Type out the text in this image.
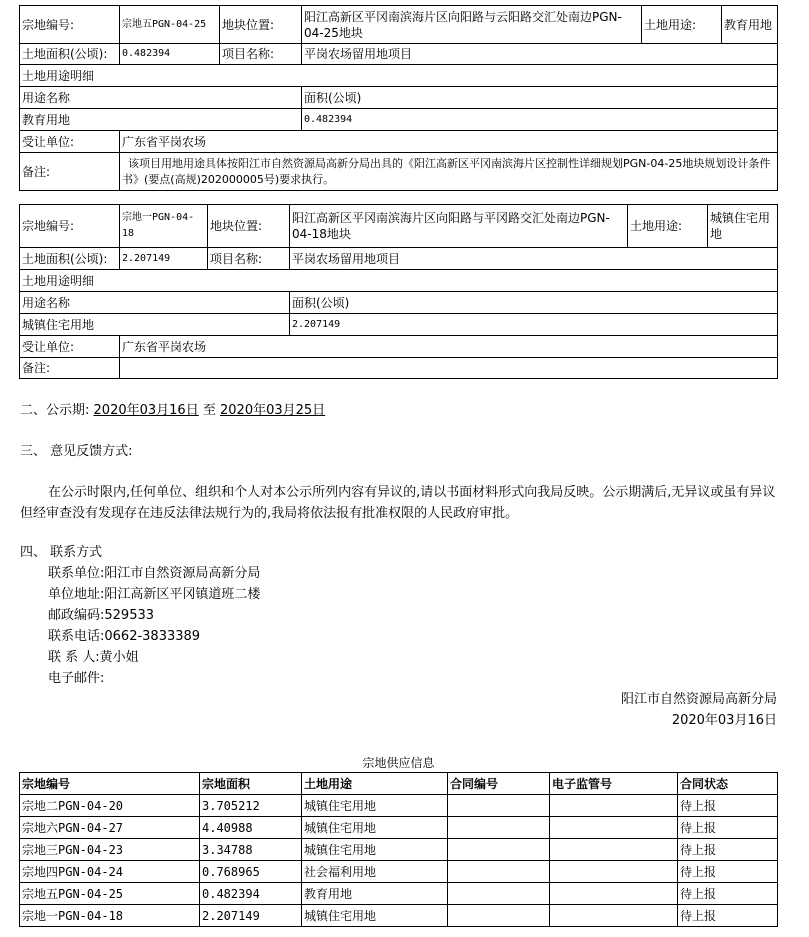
宗地编号:	宗地五PGN-04-25	地块位置:	阳江高新区平冈南滨海片区向阳路与云阳路交汇处南边PGN-04-25地块	土地用途:	教育用地
土地面积(公顷):	0.482394	项目名称:	平岗农场留用地项目		
土地用途明细					
用途名称			面积(公顷)		
教育用地			0.482394		
受让单位:	广东省平岗农场				
备注:	该项目用地用途具体按阳江市自然资源局高新分局出具的《阳江高新区平冈南滨海片区控制性详细规划PGN-04-25地块规划设计条件书》(要点(高规)202000005号)要求执行。				
宗地编号:	宗地一PGN-04-18	地块位置:	阳江高新区平冈南滨海片区向阳路与平冈路交汇处南边PGN-04-18地块	土地用途:	城镇住宅用地
土地面积(公顷):	2.207149	项目名称:	平岗农场留用地项目		
土地用途明细					
用途名称			面积(公顷)		
城镇住宅用地			2.207149		
受让单位:	广东省平岗农场				
备注:					
二、公示期: 2020年03月16日 至 2020年03月25日
三、 意见反馈方式:

在公示时限内,任何单位、组织和个人对本公示所列内容有异议的,请以书面材料形式向我局反映。公示期满后,无异议或虽有异议但经审查没有发现存在违反法律法规行为的,我局将依法报有批准权限的人民政府审批。

四、 联系方式
联系单位:阳江市自然资源局高新分局
单位地址:阳江高新区平冈镇道班二楼
邮政编码:529533
联系电话:0662-3833389
联 系 人:黄小姐
电子邮件:
阳江市自然资源局高新分局
2020年03月16日
宗地供应信息
宗地编号	宗地面积	土地用途	合同编号	电子监管号	合同状态
宗地二PGN-04-20	3.705212	城镇住宅用地			待上报
宗地六PGN-04-27	4.40988	城镇住宅用地			待上报
宗地三PGN-04-23	3.34788	城镇住宅用地			待上报
宗地四PGN-04-24	0.768965	社会福利用地			待上报
宗地五PGN-04-25	0.482394	教育用地			待上报
宗地一PGN-04-18	2.207149	城镇住宅用地			待上报
